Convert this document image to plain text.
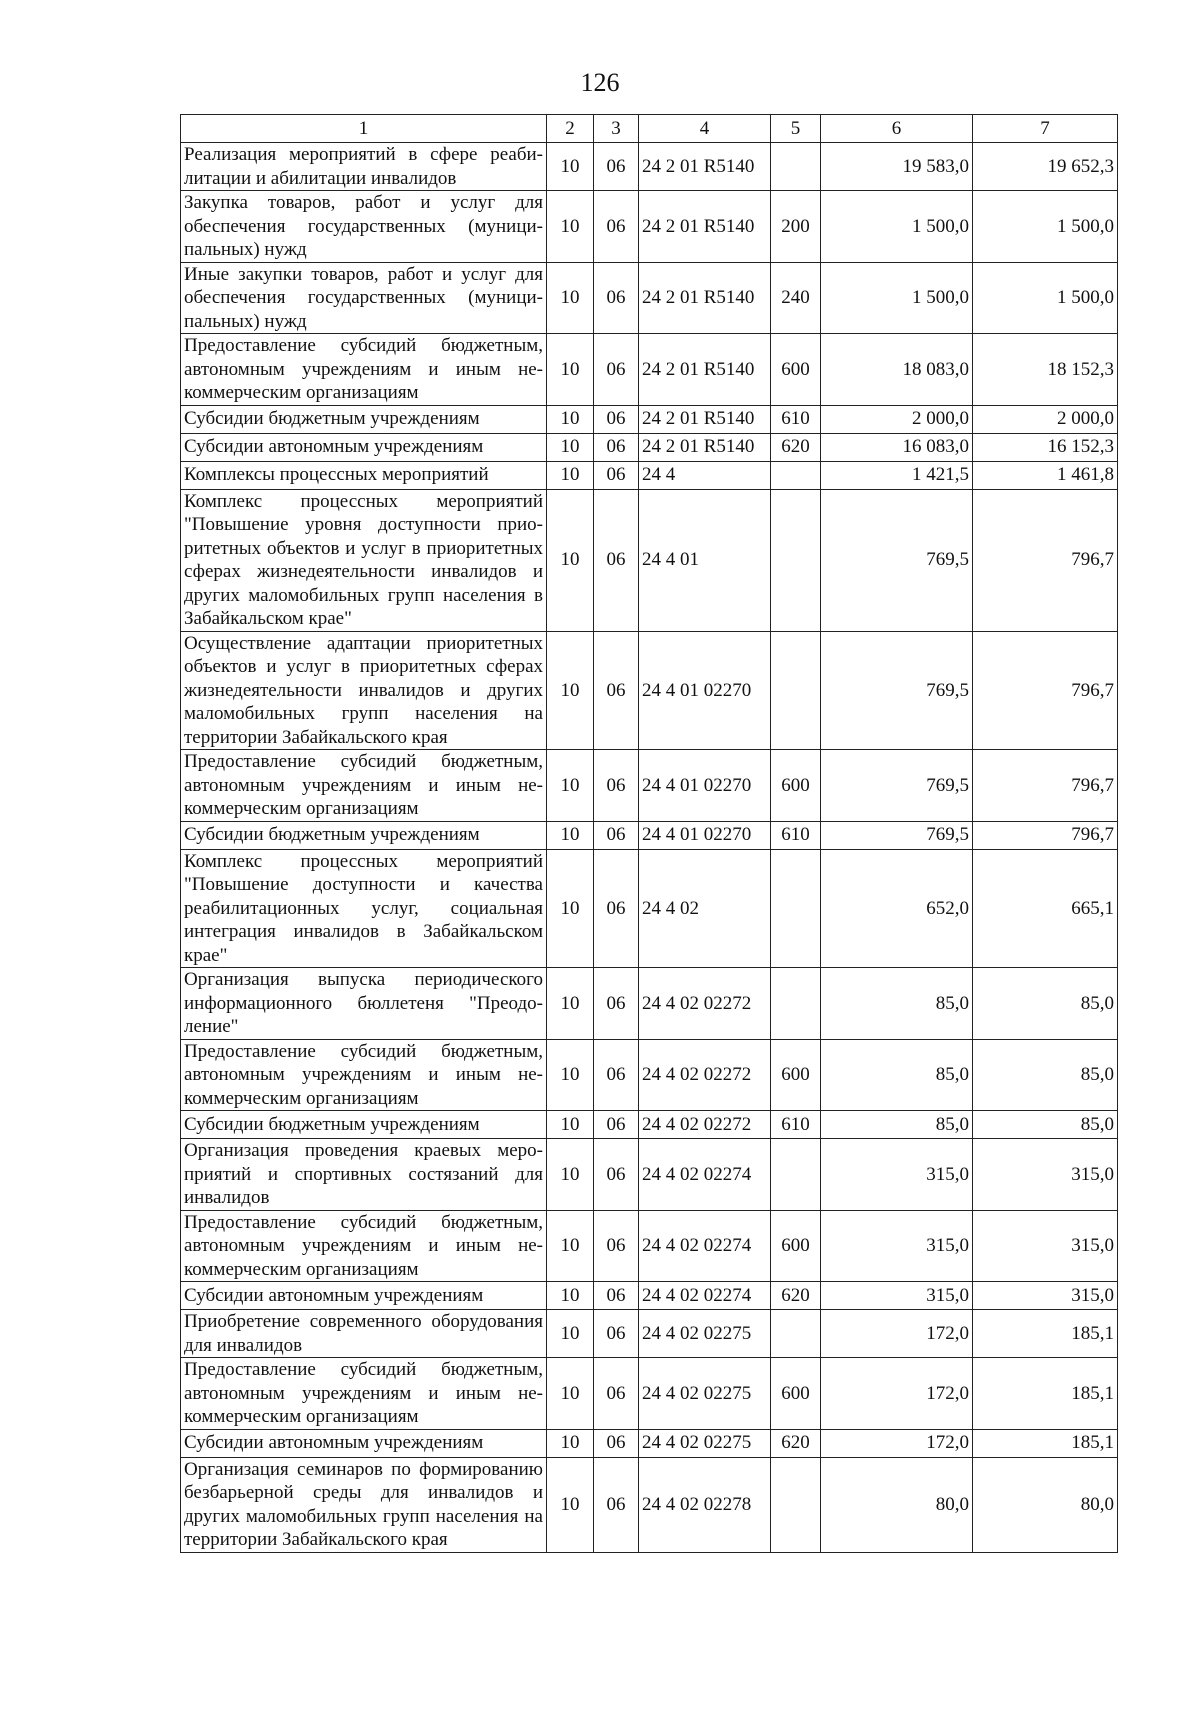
126
1	2	3	4	5	6	7
Реализация мероприятий в сфере реабилитации и абилитации инвалидов	10	06	24 2 01 R5140		19 583,0	19 652,3
Закупка товаров, работ и услуг для обеспечения государственных (муниципальных) нужд	10	06	24 2 01 R5140	200	1 500,0	1 500,0
Иные закупки товаров, работ и услуг для обеспечения государственных (муниципальных) нужд	10	06	24 2 01 R5140	240	1 500,0	1 500,0
Предоставление субсидий бюджетным, автономным учреждениям и иным некоммерческим организациям	10	06	24 2 01 R5140	600	18 083,0	18 152,3
Субсидии бюджетным учреждениям	10	06	24 2 01 R5140	610	2 000,0	2 000,0
Субсидии автономным учреждениям	10	06	24 2 01 R5140	620	16 083,0	16 152,3
Комплексы процессных мероприятий	10	06	24 4		1 421,5	1 461,8
Комплекс процессных мероприятий "Повышение уровня доступности приоритетных объектов и услуг в приоритетных сферах жизнедеятельности инвалидов и других маломобильных групп населения в Забайкальском крае"	10	06	24 4 01		769,5	796,7
Осуществление адаптации приоритетных объектов и услуг в приоритетных сферах жизнедеятельности инвалидов и других маломобильных групп населения на территории Забайкальского края	10	06	24 4 01 02270		769,5	796,7
Предоставление субсидий бюджетным, автономным учреждениям и иным некоммерческим организациям	10	06	24 4 01 02270	600	769,5	796,7
Субсидии бюджетным учреждениям	10	06	24 4 01 02270	610	769,5	796,7
Комплекс процессных мероприятий "Повышение доступности и качества реабилитационных услуг, социальная интеграция инвалидов в Забайкальском крае"	10	06	24 4 02		652,0	665,1
Организация выпуска периодического информационного бюллетеня "Преодоление"	10	06	24 4 02 02272		85,0	85,0
Предоставление субсидий бюджетным, автономным учреждениям и иным некоммерческим организациям	10	06	24 4 02 02272	600	85,0	85,0
Субсидии бюджетным учреждениям	10	06	24 4 02 02272	610	85,0	85,0
Организация проведения краевых мероприятий и спортивных состязаний для инвалидов	10	06	24 4 02 02274		315,0	315,0
Предоставление субсидий бюджетным, автономным учреждениям и иным некоммерческим организациям	10	06	24 4 02 02274	600	315,0	315,0
Субсидии автономным учреждениям	10	06	24 4 02 02274	620	315,0	315,0
Приобретение современного оборудования для инвалидов	10	06	24 4 02 02275		172,0	185,1
Предоставление субсидий бюджетным, автономным учреждениям и иным некоммерческим организациям	10	06	24 4 02 02275	600	172,0	185,1
Субсидии автономным учреждениям	10	06	24 4 02 02275	620	172,0	185,1
Организация семинаров по формированию безбарьерной среды для инвалидов и других маломобильных групп населения на территории Забайкальского края	10	06	24 4 02 02278		80,0	80,0
